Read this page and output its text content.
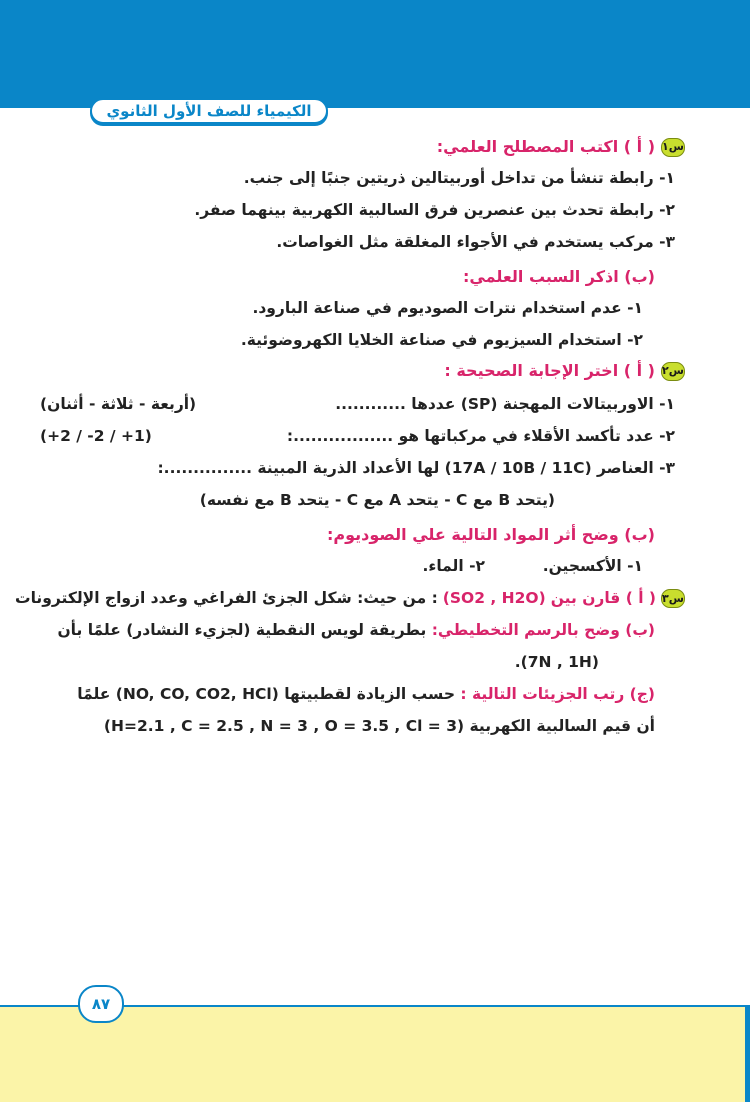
الكيمياء للصف الأول الثانوي
س١
( أ ) اكتب المصطلح العلمي:
١- رابطة تنشأ من تداخل أوربيتالين ذريتين جنبًا إلى جنب.
٢- رابطة تحدث بين عنصرين فرق السالبية الكهربية بينهما صفر.
٣- مركب يستخدم في الأجواء المغلقة مثل الغواصات.
(ب) اذكر السبب العلمي:
١- عدم استخدام نترات الصوديوم في صناعة البارود.
٢- استخدام السيزيوم في صناعة الخلايا الكهروضوئية.
س٢
( أ ) اختر الإجابة الصحيحة :
١- الاوربيتالات المهجنة (SP) عددها ............
(أربعة - ثلاثة - أثنان)
٢- عدد تأكسد الأقلاء في مركباتها هو .................:
(+2 / -2 / +1)
٣- العناصر (17A / 10B / 11C) لها الأعداد الذرية المبينة ...............:
(يتحد B مع C - يتحد A مع C - يتحد B مع نفسه)
(ب) وضح أثر المواد التالية علي الصوديوم:
١- الأكسجين.
٢- الماء.
س٣
( أ ) قارن بين
(SO2 , H2O)
: من حيث: شكل الجزئ الفراغي وعدد ازواج الإلكترونات
(ب) وضح بالرسم التخطيطي: بطريقة لويس النقطية (لجزيء النشادر) علمًا بأن
(7N , 1H).
(ج) رتب الجزيئات التالية : حسب الزيادة لقطبيتها (NO, CO, CO2, HCl) علمًا
أن قيم السالبية الكهربية (H=2.1 , C = 2.5 , N = 3 , O = 3.5 , Cl = 3)
٨٧
